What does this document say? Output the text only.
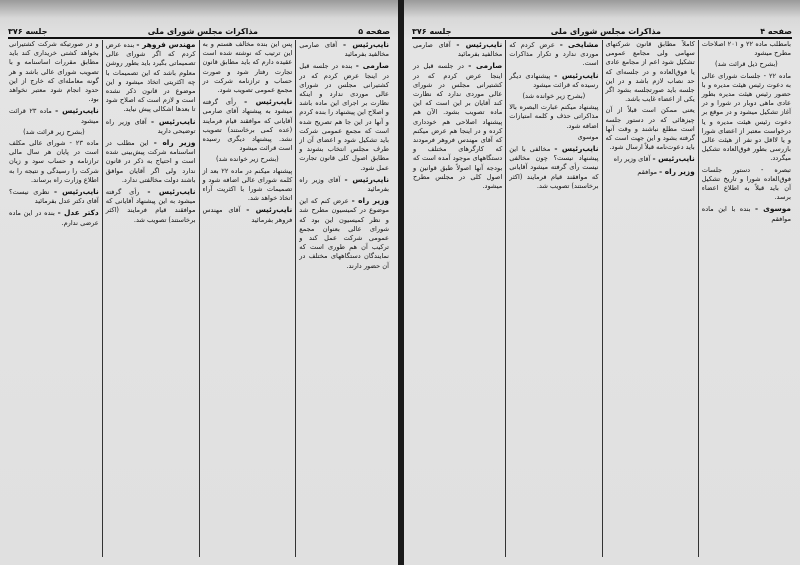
صفحه ۵
مذاکرات مجلس شورای ملی
جلسه ۳۷۶

نایب‌رئیس - آقای صارمی مخالفید بفرمائید

صارمی - بنده در جلسه قبل در اینجا عرض کردم که در کشتیرانی مجلس در شورای عالی موردی ندارد و اینکه نظارت بر اجرای این ماده باشد و اصلاح این پیشنهاد را بنده کردم و آنها در این جا هم تصریح شده است که مجمع عمومی شرکت باید تشکیل شود و اعضای آن از طرف مجلس انتخاب بشوند و مطابق اصول کلی قانون تجارت عمل شود.

نایب‌رئیس - آقای وزیر راه بفرمائید

وزیر راه - عرض کنم که این موضوع در کمیسیون مطرح شد و نظر کمیسیون این بود که شورای عالی بعنوان مجمع عمومی شرکت عمل کند و ترکیب آن هم طوری است که نمایندگان دستگاههای مختلف در آن حضور دارند.

پس این بنده مخالف هستم و به این ترتیب که نوشته شده است عقیده دارم که باید مطابق قانون تجارت رفتار شود و صورت حساب و ترازنامه شرکت در مجمع عمومی تصویب شود.

نایب‌رئیس - رأی گرفته میشود به پیشنهاد آقای صارمی آقایانی که موافقند قیام فرمایند (عده کمی برخاستند) تصویب نشد. پیشنهاد دیگری رسیده است قرائت میشود

(بشرح زیر خوانده شد)

پیشنهاد میکنم در ماده ۲۲ بعد از کلمه شورای عالی اضافه شود و تصمیمات شورا با اکثریت آراء اتخاذ خواهد شد.

نایب‌رئیس - آقای مهندس فروهر بفرمائید

مهندس فروهر - بنده عرض کردم که اگر شورای عالی تصمیماتی بگیرد باید بطور روشن معلوم باشد که این تصمیمات با چه اکثریتی اتخاذ میشود و این موضوع در قانون ذکر نشده است و لازم است که اصلاح شود تا بعدها اشکالی پیش نیاید.

نایب‌رئیس - آقای وزیر راه توضیحی دارید

وزیر راه - این مطلب در اساسنامه شرکت پیش‌بینی شده است و احتیاج به ذکر در قانون ندارد ولی اگر آقایان موافق باشند دولت مخالفتی ندارد.

نایب‌رئیس - رأی گرفته میشود به این پیشنهاد آقایانی که موافقند قیام فرمایند (اکثر برخاستند) تصویب شد.

و در صورتیکه شرکت کشتیرانی بخواهد کشتی خریداری کند باید مطابق مقررات اساسنامه و با تصویب شورای عالی باشد و هر گونه معامله‌ای که خارج از این حدود انجام شود معتبر نخواهد بود.

نایب‌رئیس - ماده ۲۳ قرائت میشود

(بشرح زیر قرائت شد)

ماده ۲۳ - شورای عالی مکلف است در پایان هر سال مالی ترازنامه و حساب سود و زیان شرکت را رسیدگی و نتیجه را به اطلاع وزارت راه برساند.

نایب‌رئیس - نظری نیست؟ آقای دکتر عدل بفرمائید

دکتر عدل - بنده در این ماده عرضی ندارم.

صفحه ۴
مذاکرات مجلس شورای ملی
جلسه ۳۷۶

بامطلب ماده ۲۲ و ۲۰۱ اصلاحات مطرح میشود

(بشرح ذیل قرائت شد)

ماده ۲۲ - جلسات شورای عالی به دعوت رئیس هیئت مدیره و با حضور رئیس هیئت مدیره بطور عادی ماهی دوبار در شورا و در آغاز تشکیل میشود و در موقع بر دعوت رئیس هیئت مدیره و یا درخواست معتبر از اعضای شورا و یا لااقل دو نفر از هیئت عالی بازرسی بطور فوق‌العاده تشکیل میگردد.

تبصره - دستور جلسات فوق‌العاده شورا و تاریخ تشکیل آن باید قبلاً به اطلاع اعضاء برسد.

موسوی - بنده با این ماده موافقم

کاملاً مطابق قانون شرکتهای سهامی ولی مجامع عمومی تشکیل شود اعم از مجامع عادی یا فوق‌العاده و در جلسه‌ای که حد نصاب لازم باشد و در این جلسه باید صورتجلسه بشود اگر یکی از اعضاء غایب باشد.

یعنی ممکن است قبلاً از آن چیزهائی که در دستور جلسه است مطلع نباشند و وقت آنها گرفته بشود و این جهت است که باید دعوت‌نامه قبلاً ارسال شود.

نایب‌رئیس - آقای وزیر راه

وزیر راه - موافقم

مشایخی - عرض کردم که موردی ندارد و تکرار مذاکرات است.

نایب‌رئیس - پیشنهادی دیگر رسیده که قرائت میشود

(بشرح زیر خوانده شد)

پیشنهاد میکنم عبارت البصره بالا مذاکراتی حذف و کلمه امتیازات اضافه شود.

موسوی

نایب‌رئیس - مخالفی با این پیشنهاد نیست؟ چون مخالفی نیست رأی گرفته میشود آقایانی که موافقند قیام فرمایند (اکثر برخاستند) تصویب شد.

نایب‌رئیس - آقای صارمی مخالفید بفرمائید

صارمی - در جلسه قبل در اینجا عرض کردم که در کشتیرانی مجلس در شورای عالی موردی ندارد که نظارت کند آقایان بر این است که این ماده تصویب بشود. الآن هم پیشنهاد اصلاحی هم خودداری کرده و در اینجا هم عرض میکنم که آقای مهندس فروهر فرمودند که کارگرهای مختلف و دستگاههای موجود آمده است که بودجه آنها اصولاً طبق قوانین و اصول کلی در مجلس مطرح میشود.
